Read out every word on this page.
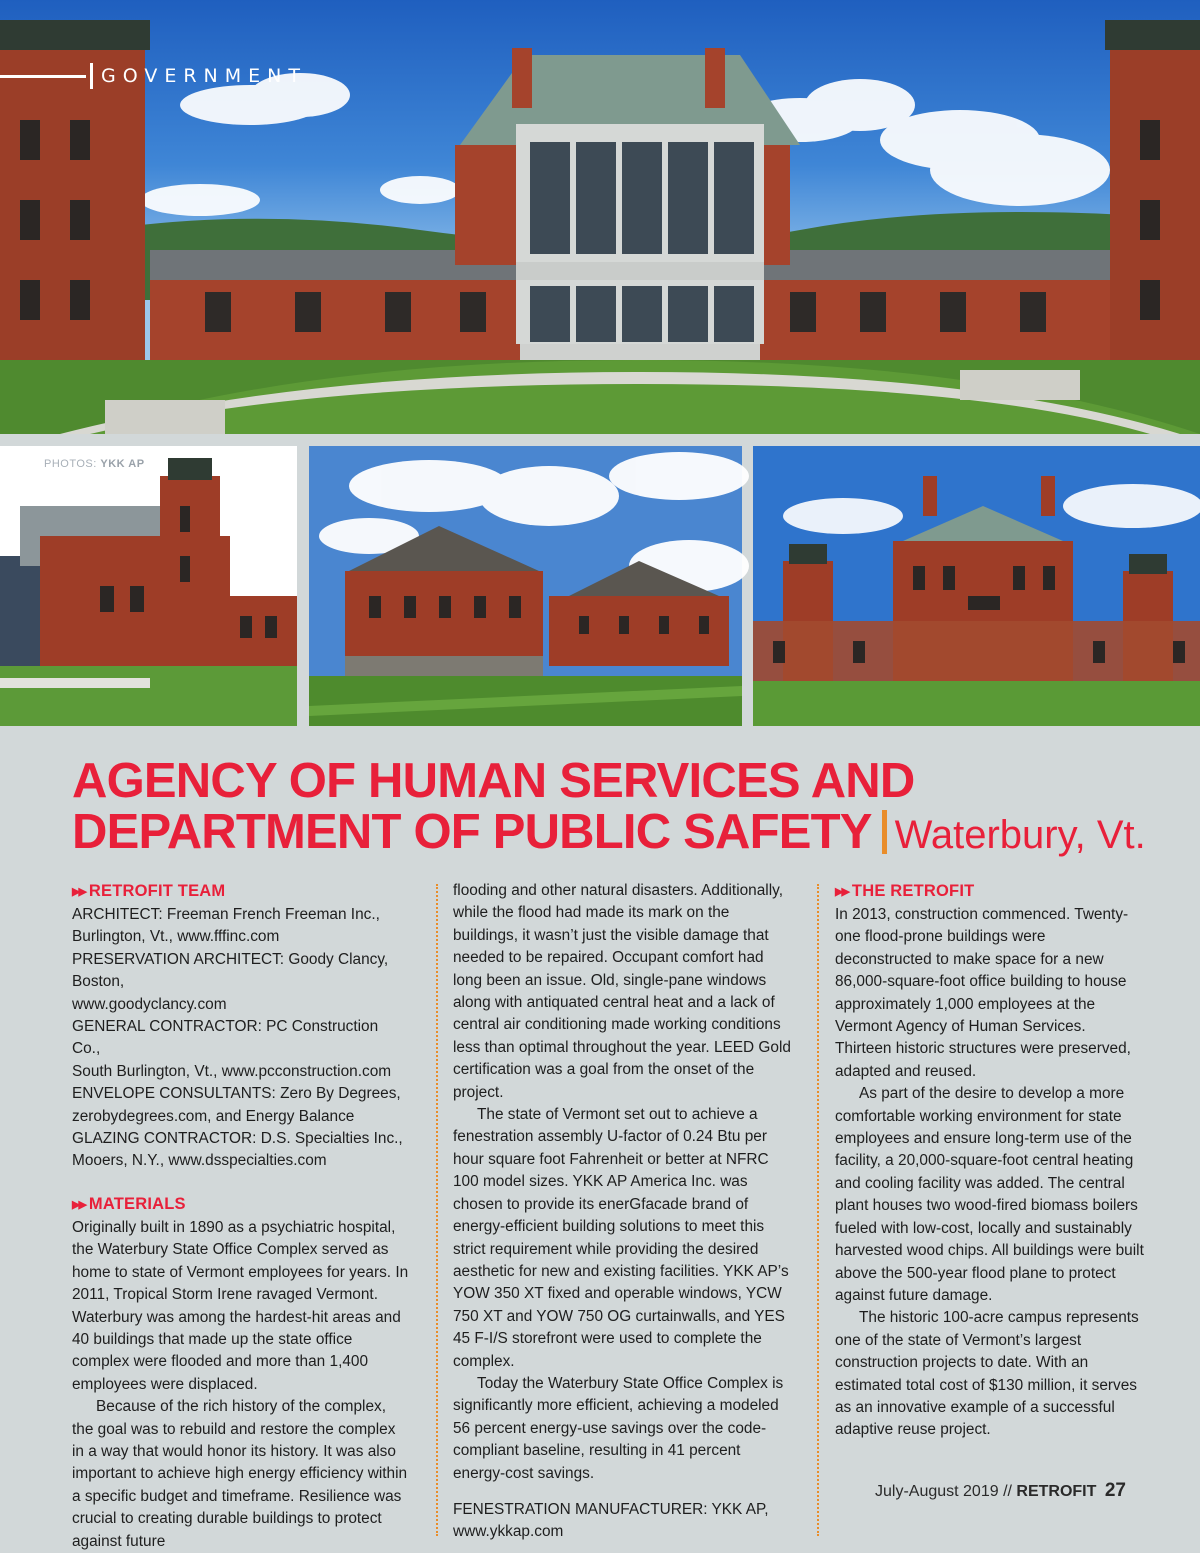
GOVERNMENT
PHOTOS: YKK AP
AGENCY OF HUMAN SERVICES AND
DEPARTMENT OF PUBLIC SAFETY Waterbury, Vt.
▶▶ RETROFIT TEAM
ARCHITECT: Freeman French Freeman Inc.,
Burlington, Vt., www.fffinc.com
PRESERVATION ARCHITECT: Goody Clancy, Boston,
www.goodyclancy.com
GENERAL CONTRACTOR: PC Construction Co.,
South Burlington, Vt., www.pcconstruction.com
ENVELOPE CONSULTANTS: Zero By Degrees,
zerobydegrees.com, and Energy Balance
GLAZING CONTRACTOR: D.S. Specialties Inc.,
Mooers, N.Y., www.dsspecialties.com
▶▶ MATERIALS

Originally built in 1890 as a psychiatric hospital, the Waterbury State Office Complex served as home to state of Vermont employees for years. In 2011, Tropical Storm Irene ravaged Vermont. Waterbury was among the hardest-hit areas and 40 buildings that made up the state office complex were flooded and more than 1,400 employees were displaced.

Because of the rich history of the complex, the goal was to rebuild and restore the complex in a way that would honor its history. It was also important to achieve high energy efficiency within a specific budget and timeframe. Resilience was crucial to creating durable buildings to protect against future

flooding and other natural disasters. Additionally, while the flood had made its mark on the buildings, it wasn’t just the visible damage that needed to be repaired. Occupant comfort had long been an issue. Old, single-pane windows along with antiquated central heat and a lack of central air conditioning made working conditions less than optimal throughout the year. LEED Gold certification was a goal from the onset of the project.

The state of Vermont set out to achieve a fenestration assembly U-factor of 0.24 Btu per hour square foot Fahrenheit or better at NFRC 100 model sizes. YKK AP America Inc. was chosen to provide its enerGfacade brand of energy-efficient building solutions to meet this strict requirement while providing the desired aesthetic for new and existing facilities. YKK AP’s YOW 350 XT fixed and operable windows, YCW 750 XT and YOW 750 OG curtainwalls, and YES 45 F-I/S storefront were used to complete the complex.

Today the Waterbury State Office Complex is significantly more efficient, achieving a modeled 56 percent energy-use savings over the code-compliant baseline, resulting in 41 percent energy-cost savings.

FENESTRATION MANUFACTURER: YKK AP, www.ykkap.com

▶▶ THE RETROFIT

In 2013, construction commenced. Twenty-one flood-prone buildings were deconstructed to make space for a new 86,000-square-foot office building to house approximately 1,000 employees at the Vermont Agency of Human Services. Thirteen historic structures were preserved, adapted and reused.

As part of the desire to develop a more comfortable working environment for state employees and ensure long-term use of the facility, a 20,000-square-foot central heating and cooling facility was added. The central plant houses two wood-fired biomass boilers fueled with low-cost, locally and sustainably harvested wood chips. All buildings were built above the 500-year flood plane to protect against future damage.

The historic 100-acre campus represents one of the state of Vermont’s largest construction projects to date. With an estimated total cost of $130 million, it serves as an innovative example of a successful adaptive reuse project.

July-August 2019 // RETROFIT 27
